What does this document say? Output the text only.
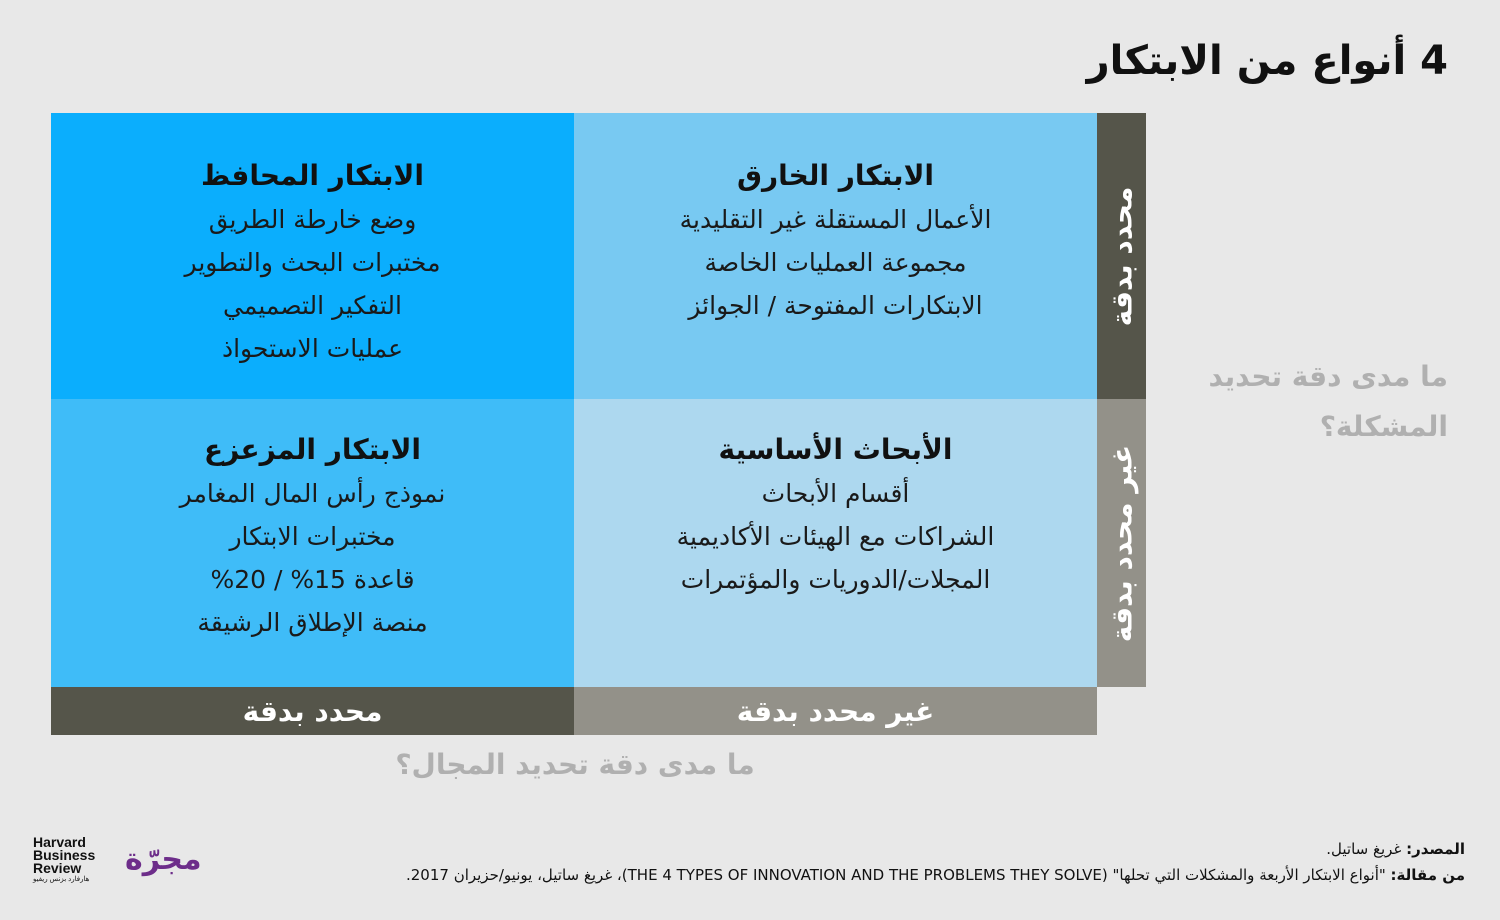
4 أنواع من الابتكار
الابتكار الخارق
الأعمال المستقلة غير التقليدية
مجموعة العمليات الخاصة
الابتكارات المفتوحة / الجوائز
الابتكار المحافظ
وضع خارطة الطريق
مختبرات البحث والتطوير
التفكير التصميمي
عمليات الاستحواذ
الأبحاث الأساسية
أقسام الأبحاث
الشراكات مع الهيئات الأكاديمية
المجلات/الدوريات والمؤتمرات
الابتكار المزعزع
نموذج رأس المال المغامر
مختبرات الابتكار
قاعدة 15% / 20%
منصة الإطلاق الرشيقة
غير محدد بدقة
محدد بدقة
محدد بدقة
غير محدد بدقة
ما مدى دقة تحديد المجال؟
ما مدى دقة تحديد المشكلة؟
Harvard
Business
Review
هارفارد بزنس ريفيو
مجرّة	المصدر: غريغ ساتيل.
من مقالة: "أنواع الابتكار الأربعة والمشكلات التي تحلها" (THE 4 TYPES OF INNOVATION AND THE PROBLEMS THEY SOLVE)، غريغ ساتيل، يونيو/حزيران 2017.
